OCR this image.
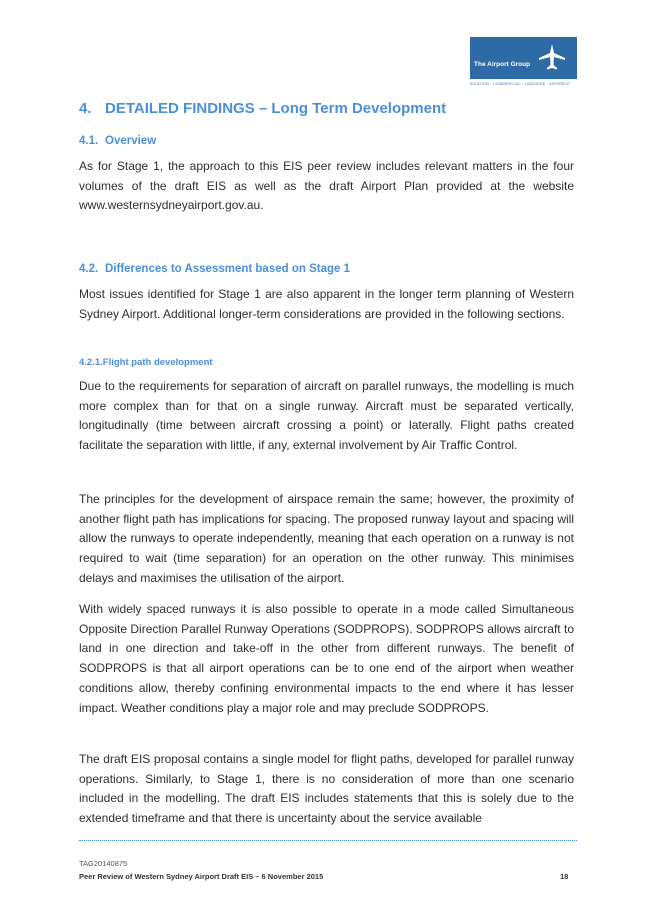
The Airport Group
AVIATION · COMMERCIAL · LANDSIDE · AIRSPACE
4. DETAILED FINDINGS – Long Term Development
4.1. Overview

As for Stage 1, the approach to this EIS peer review includes relevant matters in the four volumes of the draft EIS as well as the draft Airport Plan provided at the website www.westernsydneyairport.gov.au.

4.2. Differences to Assessment based on Stage 1

Most issues identified for Stage 1 are also apparent in the longer term planning of Western Sydney Airport. Additional longer-term considerations are provided in the following sections.

4.2.1.Flight path development

Due to the requirements for separation of aircraft on parallel runways, the modelling is much more complex than for that on a single runway. Aircraft must be separated vertically, longitudinally (time between aircraft crossing a point) or laterally. Flight paths created facilitate the separation with little, if any, external involvement by Air Traffic Control.

The principles for the development of airspace remain the same; however, the proximity of another flight path has implications for spacing. The proposed runway layout and spacing will allow the runways to operate independently, meaning that each operation on a runway is not required to wait (time separation) for an operation on the other runway. This minimises delays and maximises the utilisation of the airport.

With widely spaced runways it is also possible to operate in a mode called Simultaneous Opposite Direction Parallel Runway Operations (SODPROPS). SODPROPS allows aircraft to land in one direction and take-off in the other from different runways. The benefit of SODPROPS is that all airport operations can be to one end of the airport when weather conditions allow, thereby confining environmental impacts to the end where it has lesser impact. Weather conditions play a major role and may preclude SODPROPS.

The draft EIS proposal contains a single model for flight paths, developed for parallel runway operations. Similarly, to Stage 1, there is no consideration of more than one scenario included in the modelling. The draft EIS includes statements that this is solely due to the extended timeframe and that there is uncertainty about the service available

TAG20140875
Peer Review of Western Sydney Airport Draft EIS – 6 November 2015	18
